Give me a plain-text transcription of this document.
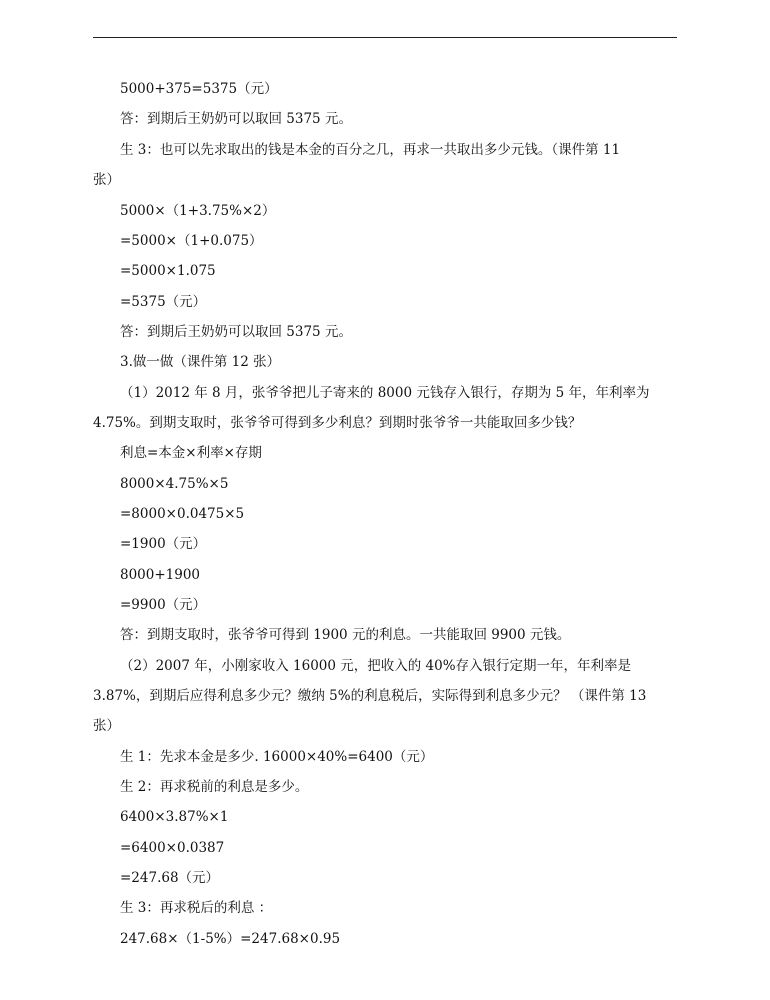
5000+375=5375（元）
答：到期后王奶奶可以取回 5375 元。
生 3：也可以先求取出的钱是本金的百分之几，再求一共取出多少元钱。（课件第 11
张）
5000×（1+3.75%×2）
=5000×（1+0.075）
=5000×1.075
=5375（元）
答：到期后王奶奶可以取回 5375 元。
3.做一做（课件第 12 张）
（1）2012 年 8 月，张爷爷把儿子寄来的 8000 元钱存入银行，存期为 5 年，年利率为
4.75%。到期支取时，张爷爷可得到多少利息？到期时张爷爷一共能取回多少钱？
利息=本金×利率×存期
8000×4.75%×5
=8000×0.0475×5
=1900（元）
8000+1900
=9900（元）
答：到期支取时，张爷爷可得到 1900 元的利息。一共能取回 9900 元钱。
（2）2007 年，小刚家收入 16000 元，把收入的 40%存入银行定期一年，年利率是
3.87%，到期后应得利息多少元？缴纳 5%的利息税后，实际得到利息多少元？ （课件第 13
张）
生 1：先求本金是多少. 16000×40%=6400（元）
生 2：再求税前的利息是多少。
6400×3.87%×1
=6400×0.0387
=247.68（元）
生 3：再求税后的利息 ：
247.68×（1-5%）=247.68×0.95
